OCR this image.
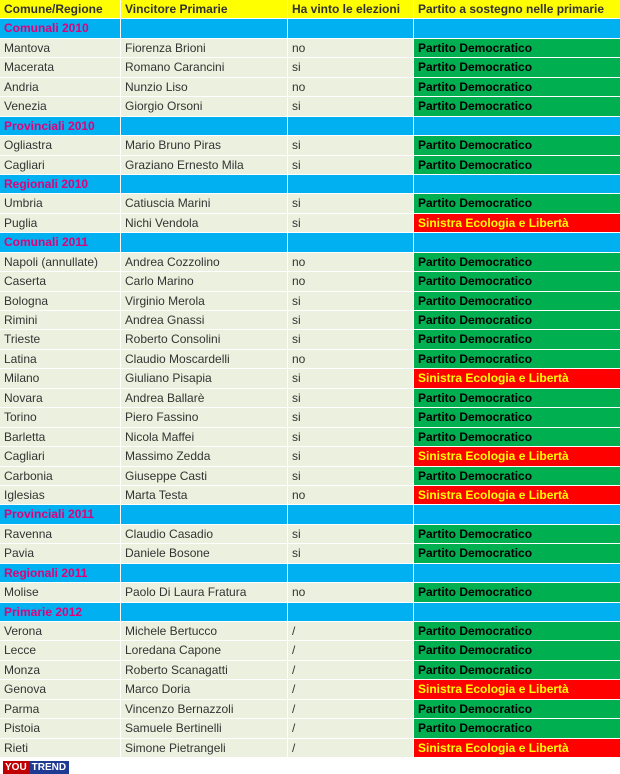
Comune/Regione	Vincitore Primarie	Ha vinto le elezioni	Partito a sostegno nelle primarie
Comunali 2010
Mantova	Fiorenza Brioni	no	Partito Democratico
Macerata	Romano Carancini	si	Partito Democratico
Andria	Nunzio Liso	no	Partito Democratico
Venezia	Giorgio Orsoni	si	Partito Democratico
Provinciali 2010
Ogliastra	Mario Bruno Piras	si	Partito Democratico
Cagliari	Graziano Ernesto Mila	si	Partito Democratico
Regionali 2010
Umbria	Catiuscia Marini	si	Partito Democratico
Puglia	Nichi Vendola	si	Sinistra Ecologia e Libertà
Comunali 2011
Napoli (annullate)	Andrea Cozzolino	no	Partito Democratico
Caserta	Carlo Marino	no	Partito Democratico
Bologna	Virginio Merola	si	Partito Democratico
Rimini	Andrea Gnassi	si	Partito Democratico
Trieste	Roberto Consolini	si	Partito Democratico
Latina	Claudio Moscardelli	no	Partito Democratico
Milano	Giuliano Pisapia	si	Sinistra Ecologia e Libertà
Novara	Andrea Ballarè	si	Partito Democratico
Torino	Piero Fassino	si	Partito Democratico
Barletta	Nicola Maffei	si	Partito Democratico
Cagliari	Massimo Zedda	si	Sinistra Ecologia e Libertà
Carbonia	Giuseppe Casti	si	Partito Democratico
Iglesias	Marta Testa	no	Sinistra Ecologia e Libertà
Provinciali 2011
Ravenna	Claudio Casadio	si	Partito Democratico
Pavia	Daniele Bosone	si	Partito Democratico
Regionali 2011
Molise	Paolo Di Laura Fratura	no	Partito Democratico
Primarie 2012
Verona	Michele Bertucco	/	Partito Democratico
Lecce	Loredana Capone	/	Partito Democratico
Monza	Roberto Scanagatti	/	Partito Democratico
Genova	Marco Doria	/	Sinistra Ecologia e Libertà
Parma	Vincenzo Bernazzoli	/	Partito Democratico
Pistoia	Samuele Bertinelli	/	Partito Democratico
Rieti	Simone Pietrangeli	/	Sinistra Ecologia e Libertà
YOU TREND
